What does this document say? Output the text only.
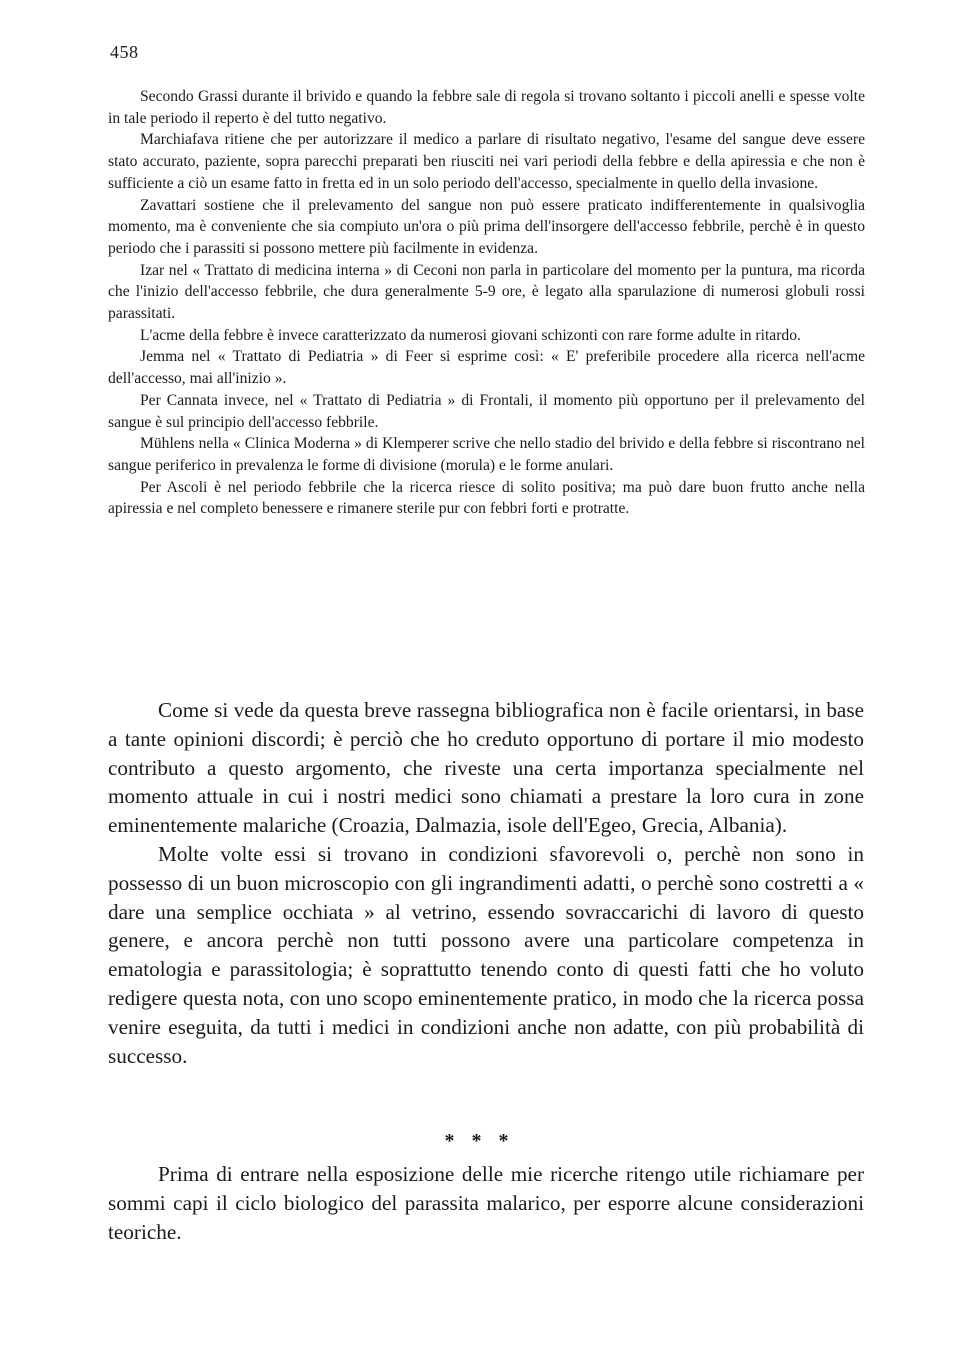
458

Secondo Grassi durante il brivido e quando la febbre sale di regola si trovano soltanto i piccoli anelli e spesse volte in tale periodo il reperto è del tutto negativo.

Marchiafava ritiene che per autorizzare il medico a parlare di risultato negativo, l'esame del sangue deve essere stato accurato, paziente, sopra parecchi preparati ben riusciti nei vari periodi della febbre e della apiressia e che non è sufficiente a ciò un esame fatto in fretta ed in un solo periodo dell'accesso, specialmente in quello della invasione.

Zavattari sostiene che il prelevamento del sangue non può essere praticato indifferentemente in qualsivoglia momento, ma è conveniente che sia compiuto un'ora o più prima dell'insorgere dell'accesso febbrile, perchè è in questo periodo che i parassiti si possono mettere più facilmente in evidenza.

Izar nel « Trattato di medicina interna » di Ceconi non parla in particolare del momento per la puntura, ma ricorda che l'inizio dell'accesso febbrile, che dura generalmente 5-9 ore, è legato alla sparulazione di numerosi globuli rossi parassitati.

L'acme della febbre è invece caratterizzato da numerosi giovani schizonti con rare forme adulte in ritardo.

Jemma nel « Trattato di Pediatria » di Feer si esprime così: « E' preferibile procedere alla ricerca nell'acme dell'accesso, mai all'inizio ».

Per Cannata invece, nel « Trattato di Pediatria » di Frontali, il momento più opportuno per il prelevamento del sangue è sul principio dell'accesso febbrile.

Mühlens nella « Clinica Moderna » di Klemperer scrive che nello stadio del brivido e della febbre si riscontrano nel sangue periferico in prevalenza le forme di divisione (morula) e le forme anulari.

Per Ascoli è nel periodo febbrile che la ricerca riesce di solito positiva; ma può dare buon frutto anche nella apiressia e nel completo benessere e rimanere sterile pur con febbri forti e protratte.

Come si vede da questa breve rassegna bibliografica non è facile orientarsi, in base a tante opinioni discordi; è perciò che ho creduto opportuno di portare il mio modesto contributo a questo argomento, che riveste una certa importanza specialmente nel momento attuale in cui i nostri medici sono chiamati a prestare la loro cura in zone eminentemente malariche (Croazia, Dalmazia, isole dell'Egeo, Grecia, Albania).

Molte volte essi si trovano in condizioni sfavorevoli o, perchè non sono in possesso di un buon microscopio con gli ingrandimenti adatti, o perchè sono costretti a « dare una semplice occhiata » al vetrino, essendo sovraccarichi di lavoro di questo genere, e ancora perchè non tutti possono avere una particolare competenza in ematologia e parassitologia; è soprattutto tenendo conto di questi fatti che ho voluto redigere questa nota, con uno scopo eminentemente pratico, in modo che la ricerca possa venire eseguita, da tutti i medici in condizioni anche non adatte, con più probabilità di successo.

* * *

Prima di entrare nella esposizione delle mie ricerche ritengo utile richiamare per sommi capi il ciclo biologico del parassita malarico, per esporre alcune considerazioni teoriche.
